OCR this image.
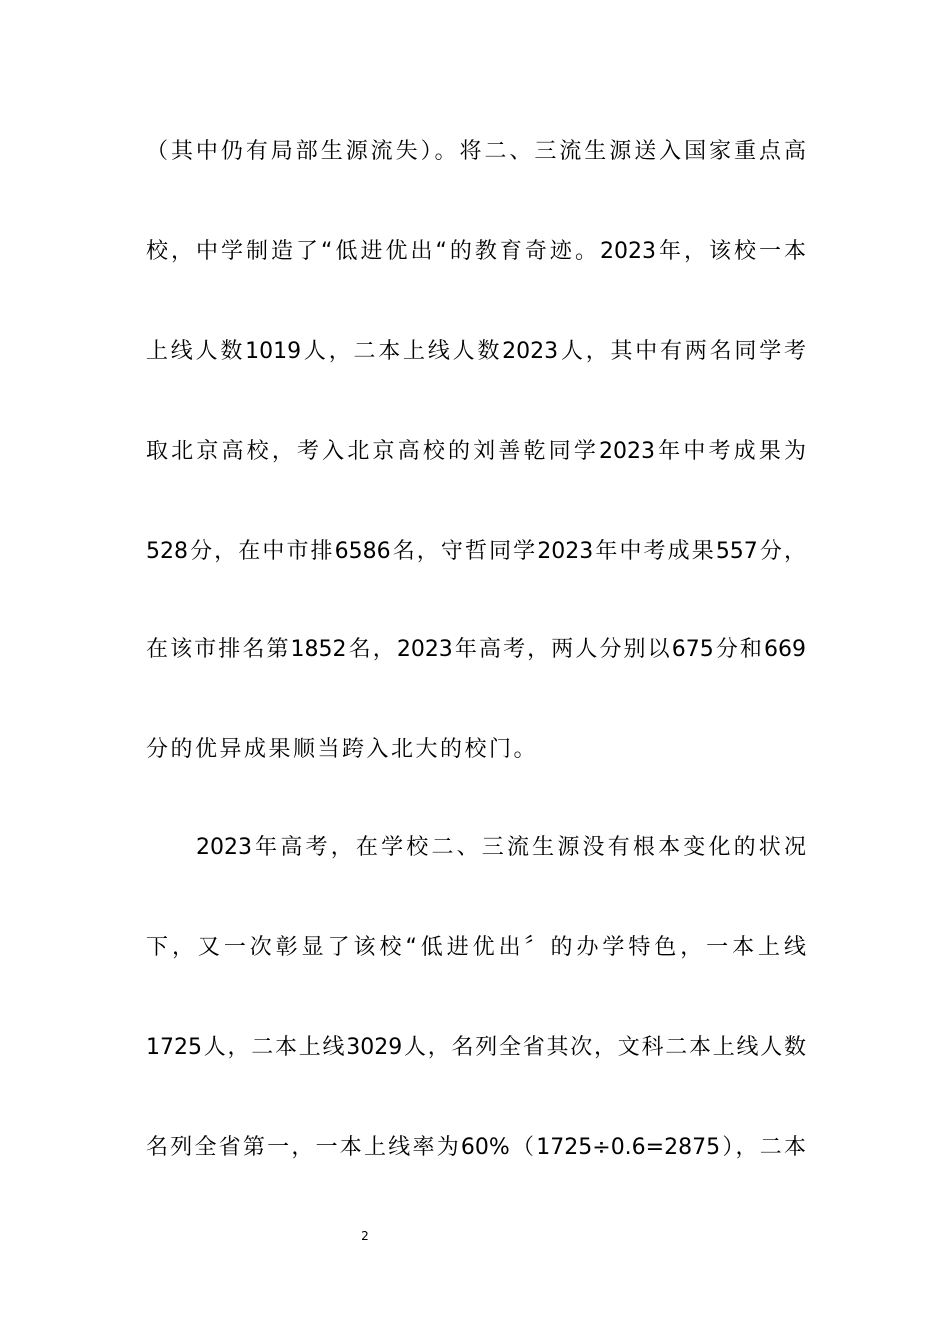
（其中仍有局部生源流失）。将二、三流生源送入国家重点高
校，中学制造了“低进优出“的教育奇迹。2023年，该校一本
上线人数1019人，二本上线人数2023人，其中有两名同学考
取北京高校，考入北京高校的刘善乾同学2023年中考成果为
528分，在中市排6586名，守哲同学2023年中考成果557分，
在该市排名第1852名，2023年高考，两人分别以675分和669
分的优异成果顺当跨入北大的校门。
2023年高考，在学校二、三流生源没有根本变化的状况
下，又一次彰显了该校“低进优出〞的办学特色，一本上线
1725人，二本上线3029人，名列全省其次，文科二本上线人数
名列全省第一，一本上线率为60%（1725÷0.6=2875），二本
2
